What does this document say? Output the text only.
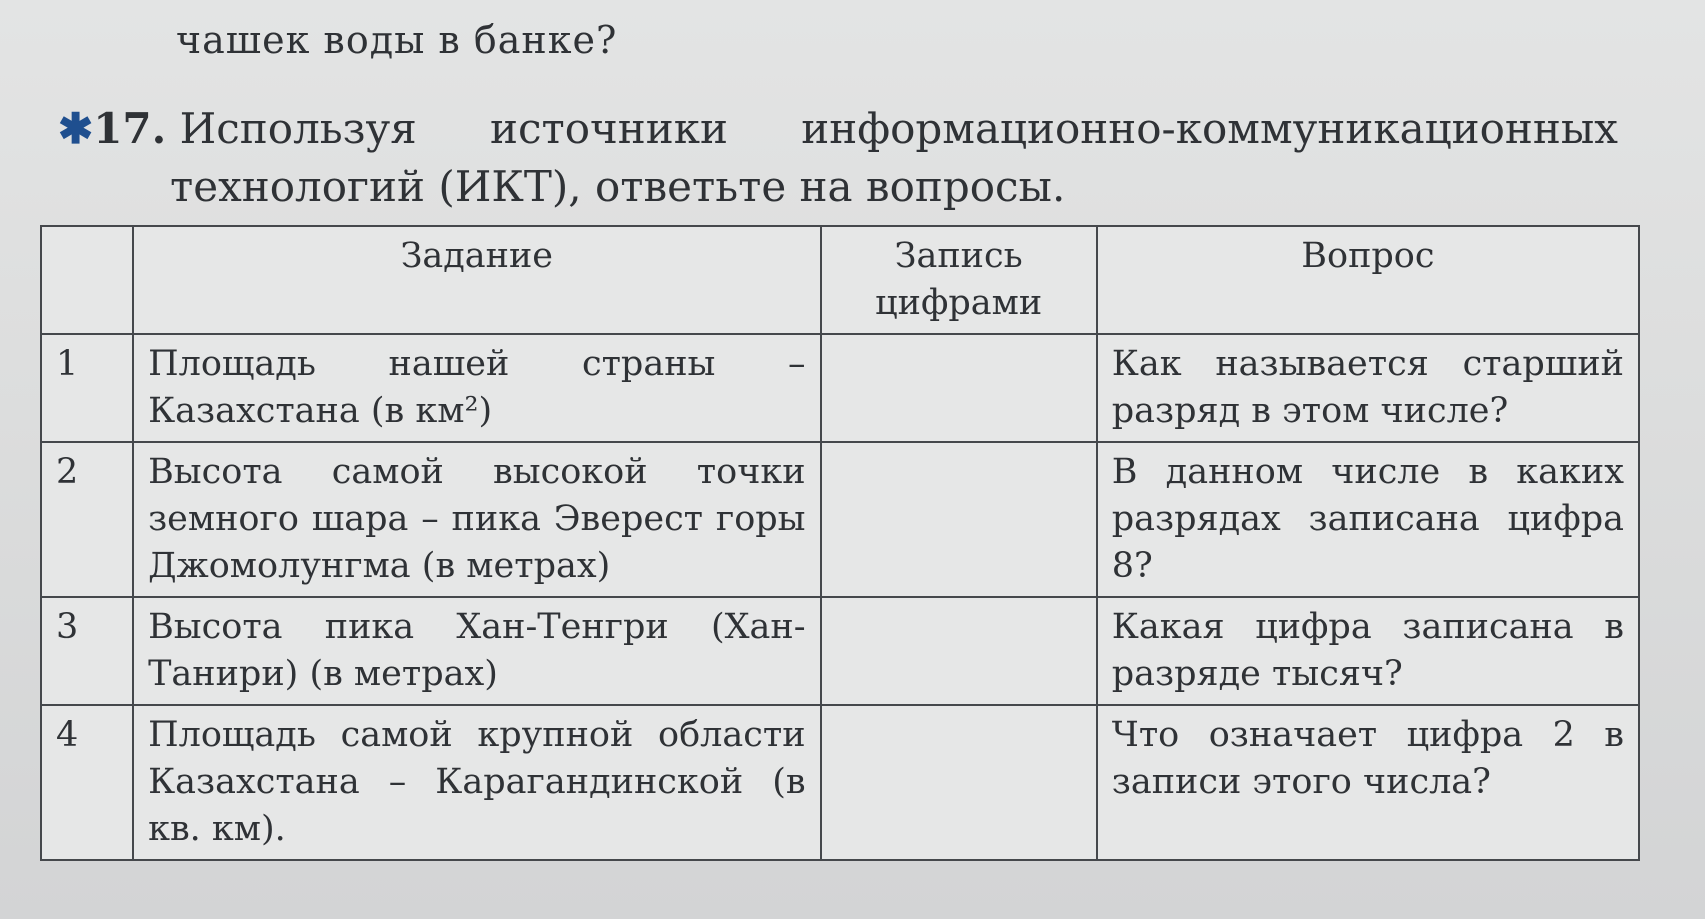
чашек воды в банке?
✱17. Используя источники информационно-коммуникационных
технологий (ИКТ), ответьте на вопросы.
	Задание	Запись цифрами	Вопрос
1	Площадь нашей страны – Казахстана (в км²)		Как называется старший разряд в этом числе?
2	Высота самой высокой точки земного шара – пика Эверест горы Джомолунгма (в метрах)		В данном числе в каких разрядах записана цифра 8?
3	Высота пика Хан-Тенгри (Хан-Танири) (в метрах)		Какая цифра записана в разряде тысяч?
4	Площадь самой крупной области Казахстана – Карагандинской (в кв. км).		Что означает цифра 2 в записи этого числа?
